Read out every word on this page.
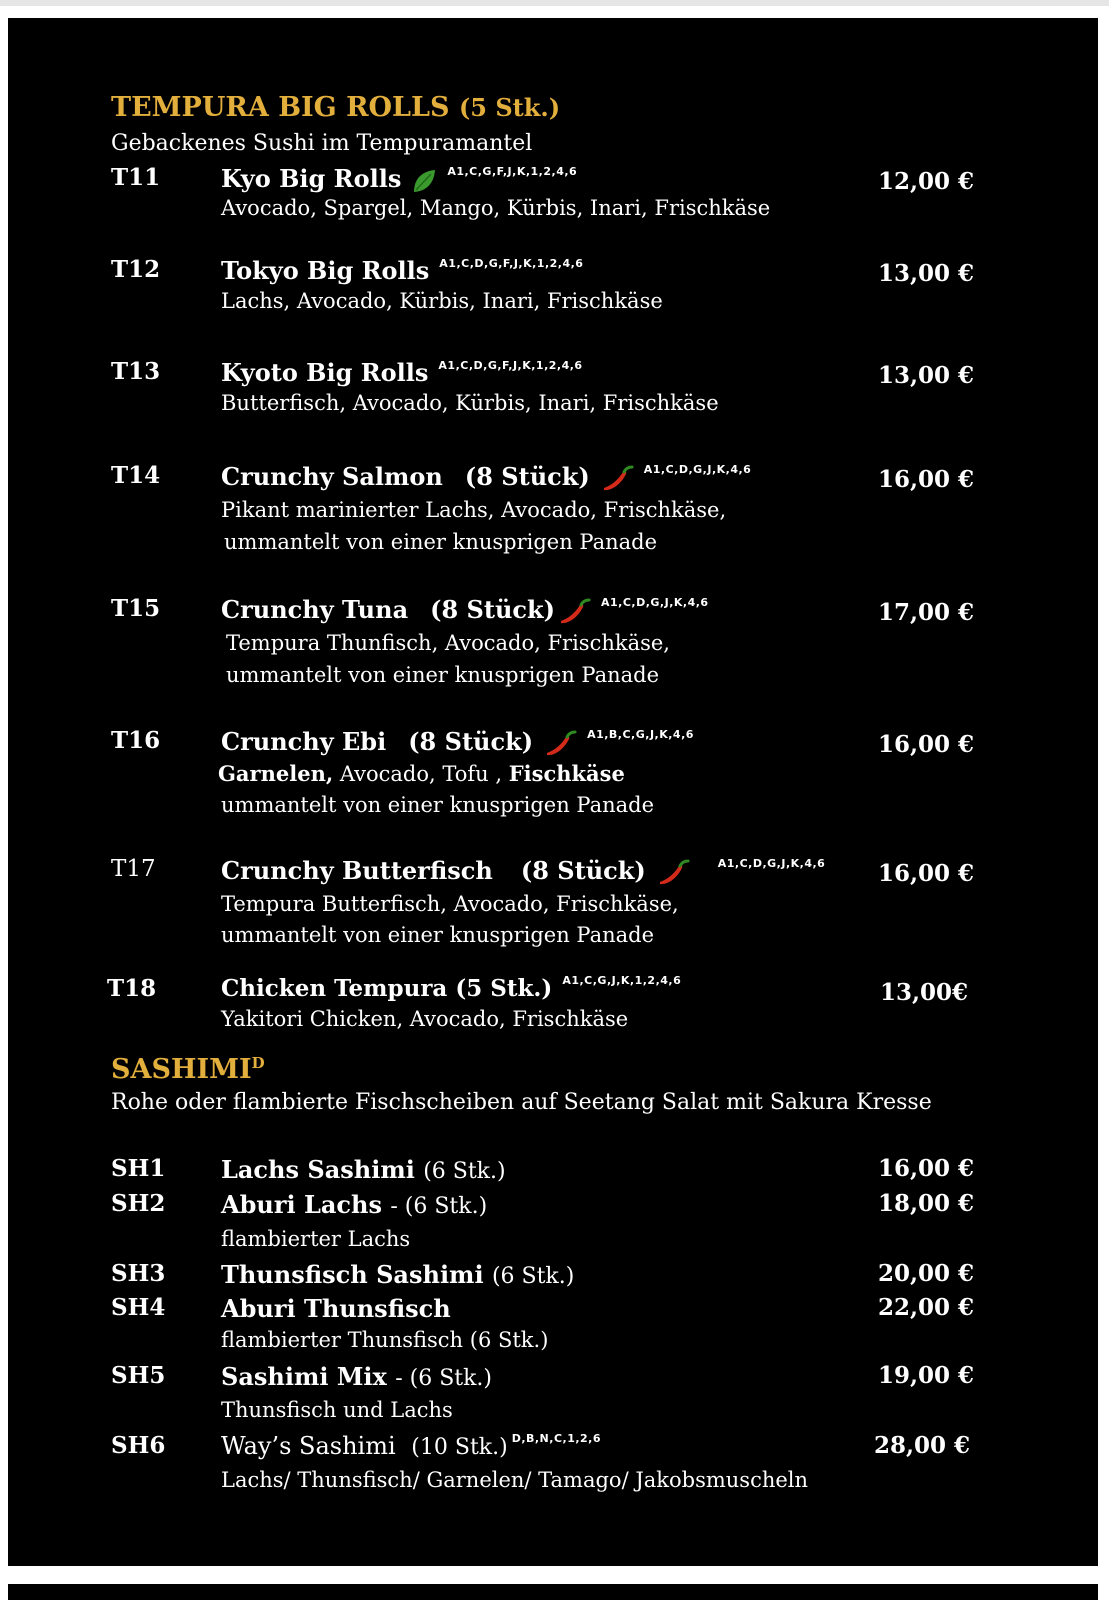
TEMPURA BIG ROLLS (5 Stk.)
Gebackenes Sushi im Tempuramantel
T11	Kyo Big Rolls	$^{A1,C,G,F,J,K,1,2,4,6}$	12,00 €
Avocado, Spargel, Mango, Kürbis, Inari, Frischkäse
T12	Tokyo Big Rolls $^{A1,C,D,G,F,J,K,1,2,4,6}$	13,00 €
Lachs, Avocado, Kürbis, Inari, Frischkäse
T13	Kyoto Big Rolls $^{A1,C,D,G,F,J,K,1,2,4,6}$	13,00 €
Butterfisch, Avocado, Kürbis, Inari, Frischkäse
T14	Crunchy Salmon (8 Stück)	$^{A1,C,D,G,J,K,4,6}$	16,00 €
Pikant marinierter Lachs, Avocado, Frischkäse,
ummantelt von einer knusprigen Panade
T15	Crunchy Tuna (8 Stück)	$^{A1,C,D,G,J,K,4,6}$	17,00 €
Tempura Thunfisch, Avocado, Frischkäse,
ummantelt von einer knusprigen Panade
T16	Crunchy Ebi (8 Stück)	$^{A1,B,C,G,J,K,4,6}$	16,00 €
Garnelen, Avocado, Tofu , Fischkäse
ummantelt von einer knusprigen Panade
T17	Crunchy Butterfisch (8 Stück)	$^{A1,C,D,G,J,K,4,6}$ 16,00 €
Tempura Butterfisch, Avocado, Frischkäse,
ummantelt von einer knusprigen Panade
T18	Chicken Tempura (5 Stk.) $^{A1,C,G,J,K,1,2,4,6}$	13,00€
Yakitori Chicken, Avocado, Frischkäse
$SASHIMI^D$
Rohe oder flambierte Fischscheiben auf Seetang Salat mit Sakura Kresse
SH1 Lachs Sashimi (6 Stk.)	16,00 €
SH2 Aburi Lachs - (6 Stk.)	18,00 €
flambierter Lachs
SH3 Thunsfisch Sashimi (6 Stk.)	20,00 €
SH4 Aburi Thunsfisch	22,00 €
flambierter Thunsfisch (6 Stk.)
SH5 Sashimi Mix - (6 Stk.)	19,00 €
Thunsfisch und Lachs
SH6 Way’s Sashimi (10 Stk.) $^{D,B,N,C,1,2,6}$	28,00 €
Lachs/ Thunsfisch/ Garnelen/ Tamago/ Jakobsmuscheln
